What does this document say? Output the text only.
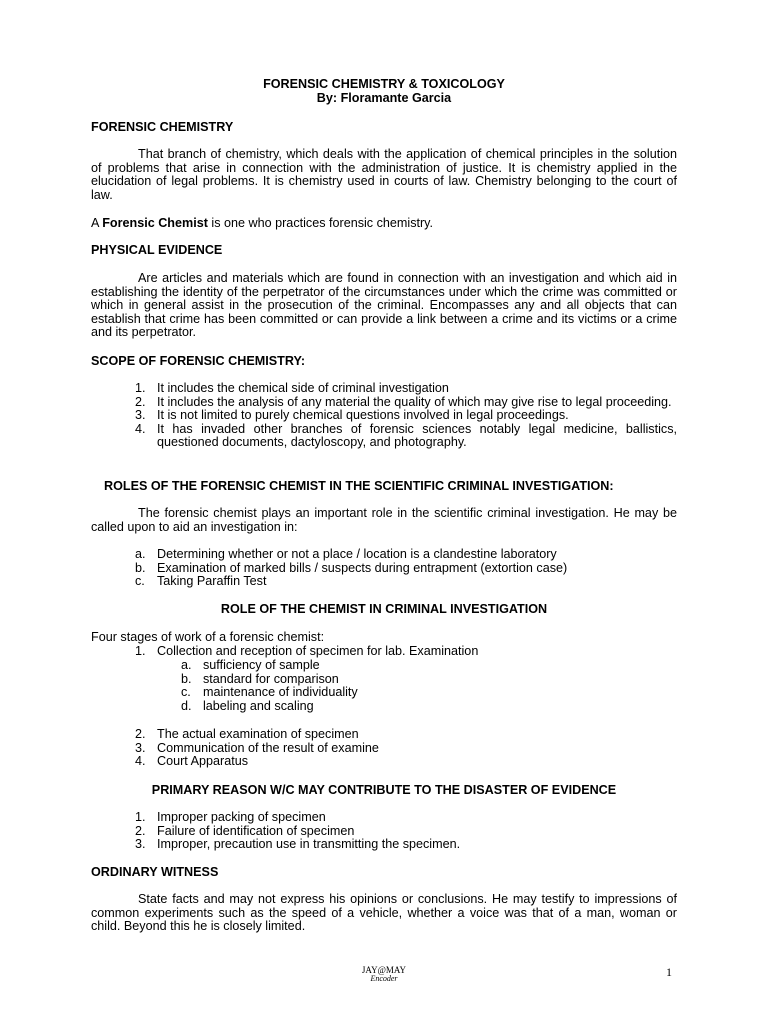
FORENSIC CHEMISTRY & TOXICOLOGY
By: Floramante Garcia
FORENSIC CHEMISTRY
That branch of chemistry, which deals with the application of chemical principles in the solution of problems that arise in connection with the administration of justice. It is chemistry applied in the elucidation of legal problems. It is chemistry used in courts of law. Chemistry belonging to the court of law.
A Forensic Chemist is one who practices forensic chemistry.
PHYSICAL EVIDENCE
Are articles and materials which are found in connection with an investigation and which aid in establishing the identity of the perpetrator of the circumstances under which the crime was committed or which in general assist in the prosecution of the criminal. Encompasses any and all objects that can establish that crime has been committed or can provide a link between a crime and its victims or a crime and its perpetrator.
SCOPE OF FORENSIC CHEMISTRY:
1. It includes the chemical side of criminal investigation
2. It includes the analysis of any material the quality of which may give rise to legal proceeding.
3. It is not limited to purely chemical questions involved in legal proceedings.
4. It has invaded other branches of forensic sciences notably legal medicine, ballistics, questioned documents, dactyloscopy, and photography.
ROLES OF THE FORENSIC CHEMIST IN THE SCIENTIFIC CRIMINAL INVESTIGATION:
The forensic chemist plays an important role in the scientific criminal investigation. He may be called upon to aid an investigation in:
a. Determining whether or not a place / location is a clandestine laboratory
b. Examination of marked bills / suspects during entrapment (extortion case)
c. Taking Paraffin Test
ROLE OF THE CHEMIST IN CRIMINAL INVESTIGATION
Four stages of work of a forensic chemist:
1. Collection and reception of specimen for lab. Examination
a. sufficiency of sample
b. standard for comparison
c. maintenance of individuality
d. labeling and scaling
2. The actual examination of specimen
3. Communication of the result of examine
4. Court Apparatus
PRIMARY REASON W/C MAY CONTRIBUTE TO THE DISASTER OF EVIDENCE
1. Improper packing of specimen
2. Failure of identification of specimen
3. Improper, precaution use in transmitting the specimen.
ORDINARY WITNESS
State facts and may not express his opinions or conclusions. He may testify to impressions of common experiments such as the speed of a vehicle, whether a voice was that of a man, woman or child. Beyond this he is closely limited.
JAY@MAY
Encoder	1
